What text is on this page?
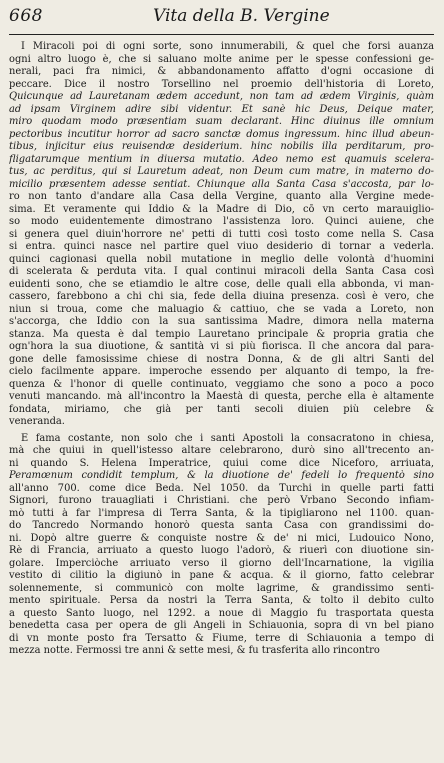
668	Vita della B. Vergine
I Miracoli poi di ogni sorte, sono innumerabili, & quel che forsi auanza
ogni altro luogo è, che si saluano molte anime per le spesse confessioni ge-
nerali, paci fra nimici, & abbandonamento affatto d'ogni occasione di
peccare. Dice il nostro Torsellino nel proemio dell'historia di Loreto,
Quicunque ad Lauretanam ædem accedunt, non tam ad ædem Virginis, quàm
ad ipsam Virginem adire sibi videntur. Et sanè hic Deus, Deique mater,
miro quodam modo præsentiam suam declarant. Hinc diuinus ille omnium
pectoribus incutitur horror ad sacro sanctæ domus ingressum. hinc illud abeun-
tibus, injicitur eius reuisendæ desiderium. hinc nobilis illa perditarum, pro-
fligatarumque mentium in diuersa mutatio. Adeo nemo est quamuis scelera-
tus, ac perditus, qui si Lauretum adeat, non Deum cum matre, in materno do-
micilio præsentem adesse sentiat. Chiunque alla Santa Casa s'accosta, par lo-
ro non tanto d'andare alla Casa della Vergine, quanto alla Vergine mede-
sima. Et veramente qui Iddio & la Madre di Dio, cō vn certo marauiglio-
so modo euidentemente dimostrano l'assistenza loro. Quinci auiene, che
si genera quel diuin'horrore ne' petti di tutti così tosto come nella S. Casa
si entra. quinci nasce nel partire quel viuo desiderio di tornar a vederla.
quinci cagionasi quella nobil mutatione in meglio delle volontà d'huomini
di scelerata & perduta vita. I qual continui miracoli della Santa Casa così
euidenti sono, che se etiamdio le altre cose, delle quali ella abbonda, vi man-
cassero, farebbono a chi chi sia, fede della diuina presenza. così è vero, che
niun si troua, come che maluagio & cattiuo, che se vada a Loreto, non
s'accorga, che Iddio con la sua santissima Madre, dimora nella materna
stanza. Ma questa è dal tempio Lauretano principale & propria gratia che
ogn'hora la sua diuotione, & santità vi si più fiorisca. Il che ancora dal para-
gone delle famosissime chiese di nostra Donna, & de gli altri Santi del
cielo facilmente appare. imperoche essendo per alquanto di tempo, la fre-
quenza & l'honor di quelle continuato, veggiamo che sono a poco a poco
venuti mancando. mà all'incontro la Maestà di questa, perche ella è altamente
fondata, miriamo, che già per tanti secoli diuien più celebre &
veneranda.
E fama costante, non solo che i santi Apostoli la consacratono in chiesa,
mà che quiui in quell'istesso altare celebrarono, durò sino all'trecento an-
ni quando S. Helena Imperatrice, quiui come dice Niceforo, arriuata,
Peramœnum condidit templum, & la diuotione de' fedeli lo frequentò sino
all'anno 700. come dice Beda. Nel 1050. da Turchi in quelle parti fatti
Signori, furono trauagliati i Christiani. che però Vrbano Secondo infiam-
mò tutti à far l'impresa di Terra Santa, & la tipigliarono nel 1100. quan-
do Tancredo Normando honorò questa santa Casa con grandissimi do-
ni. Dopò altre guerre & conquiste nostre & de' ni mici, Ludouico Nono,
Rè di Francia, arriuato a questo luogo l'adorò, & riuerì con diuotione sin-
golare. Imperciòche arriuato verso il giorno dell'Incarnatione, la vigilia
vestito di cilitio la digiunò in pane & acqua. & il giorno, fatto celebrar
solennemente, si communicò con molte lagrime, & grandissimo senti-
mento spirituale. Persa da nostri la Terra Santa, & tolto il debito culto
a questo Santo luogo, nel 1292. a noue di Maggio fu trasportata questa
benedetta casa per opera de gli Angeli in Schiauonia, sopra di vn bel piano
di vn monte posto fra Tersatto & Fiume, terre di Schiauonia a tempo di
mezza notte. Fermossi tre anni & sette mesi, & fu trasferita allo rincontro
